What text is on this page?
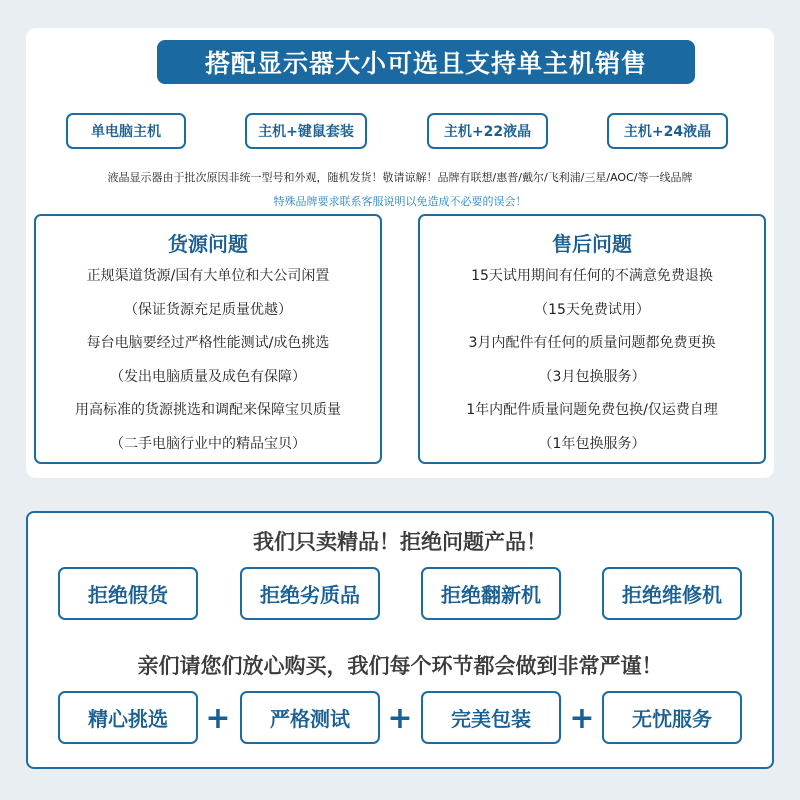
搭配显示器大小可选且支持单主机销售
单电脑主机	主机+键鼠套装	主机+22液晶	主机+24液晶
液晶显示器由于批次原因非统一型号和外观，随机发货！敬请谅解！品牌有联想/惠普/戴尔/飞利浦/三星/AOC/等一线品牌
特殊品牌要求联系客服说明以免造成不必要的误会！
货源问题
正规渠道货源/国有大单位和大公司闲置
（保证货源充足质量优越）
每台电脑要经过严格性能测试/成色挑选
（发出电脑质量及成色有保障）
用高标准的货源挑选和调配来保障宝贝质量
（二手电脑行业中的精品宝贝）
售后问题
15天试用期间有任何的不满意免费退换
（15天免费试用）
3月内配件有任何的质量问题都免费更换
（3月包换服务）
1年内配件质量问题免费包换/仅运费自理
（1年包换服务）
我们只卖精品！拒绝问题产品！
拒绝假货	拒绝劣质品	拒绝翻新机	拒绝维修机
亲们请您们放心购买，我们每个环节都会做到非常严谨！
精心挑选	+	严格测试	+	完美包装	+	无忧服务
